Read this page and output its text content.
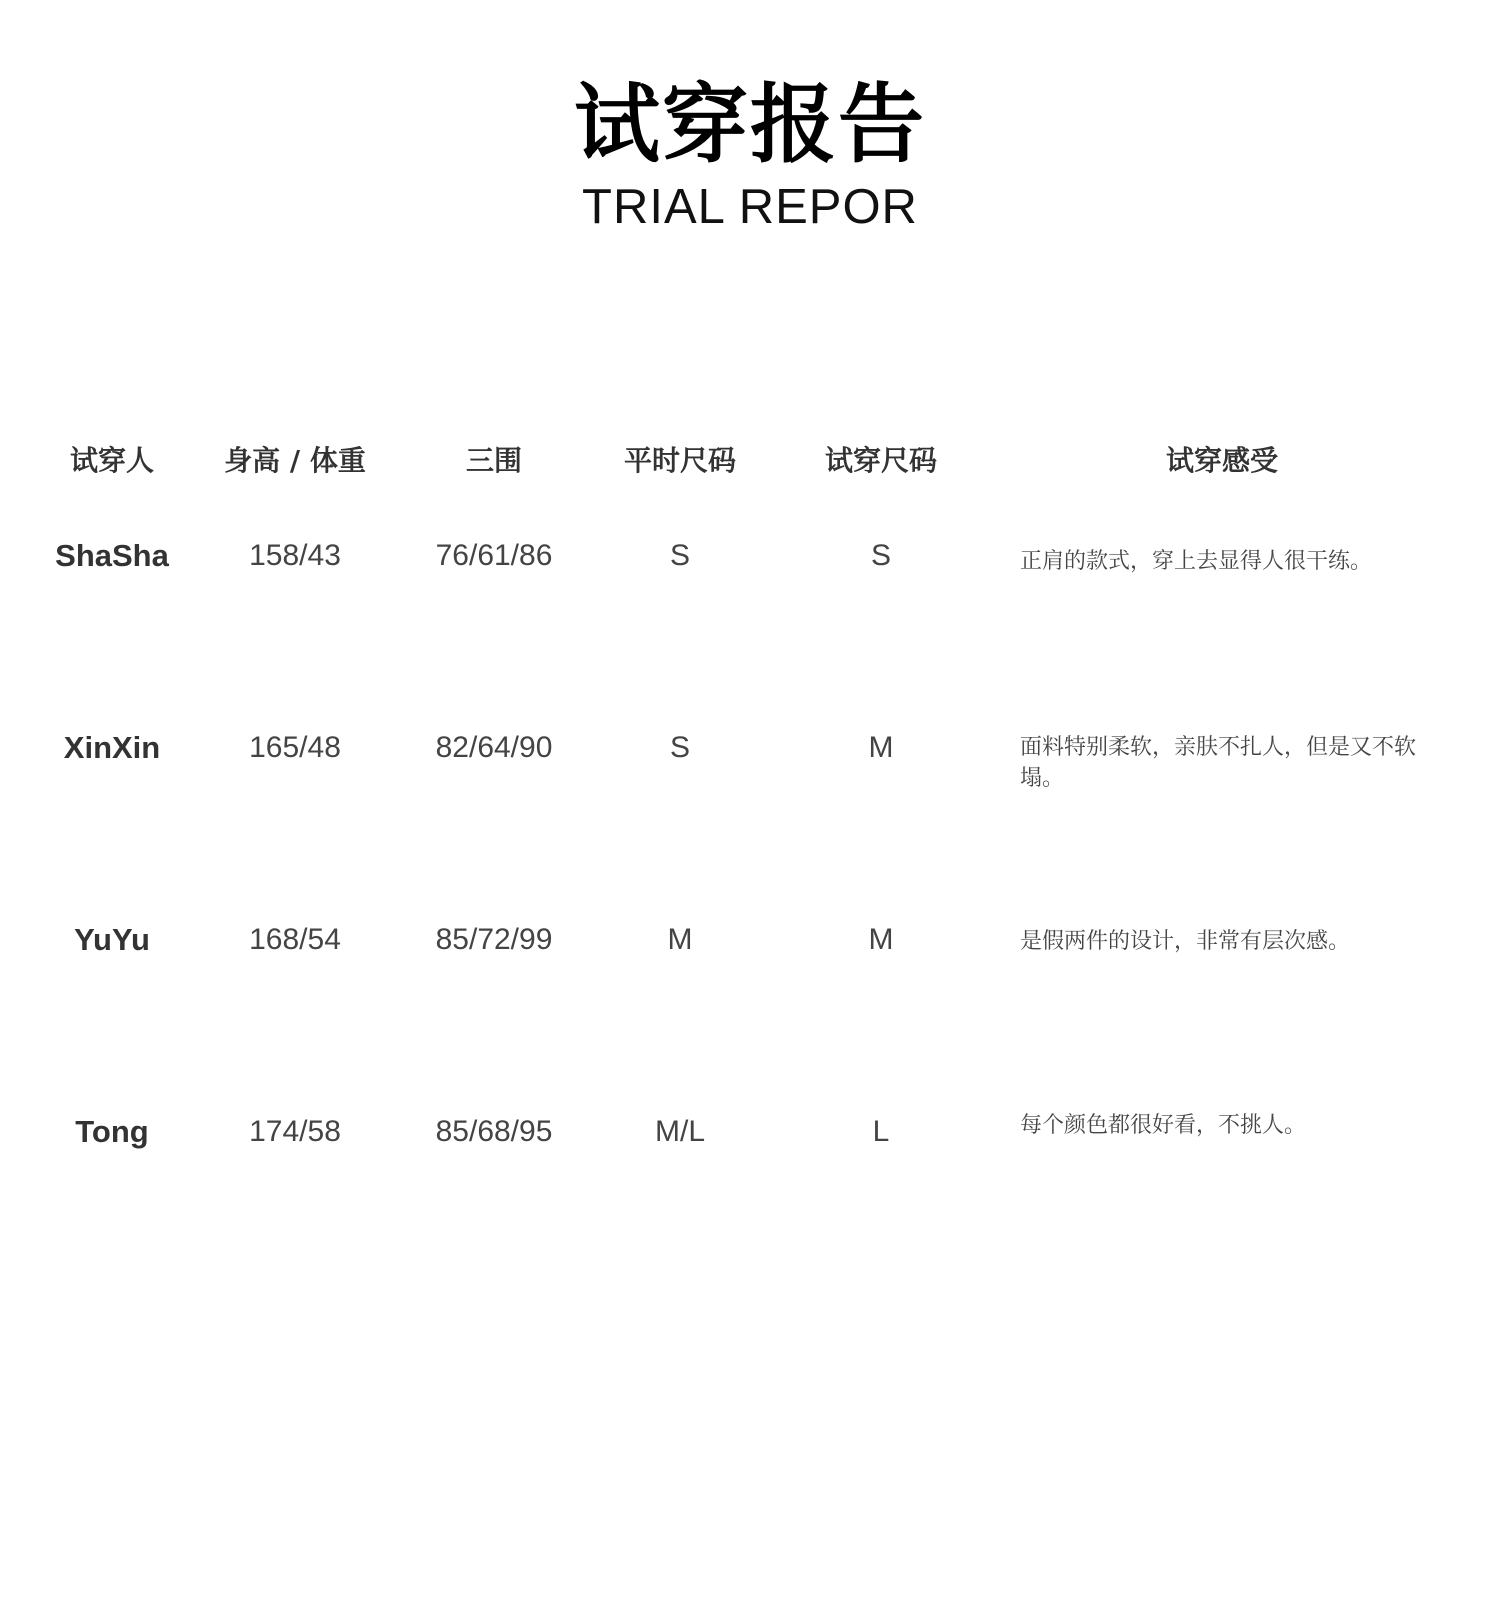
试穿报告
TRIAL REPOR
试穿人	身高 / 体重	三围	平时尺码	试穿尺码	试穿感受
ShaSha	158/43	76/61/86	S	S	正肩的款式，穿上去显得人很干练。
XinXin	165/48	82/64/90	S	M	面料特别柔软，亲肤不扎人，但是又不软塌。
YuYu	168/54	85/72/99	M	M	是假两件的设计，非常有层次感。
Tong	174/58	85/68/95	M/L	L	每个颜色都很好看，不挑人。
